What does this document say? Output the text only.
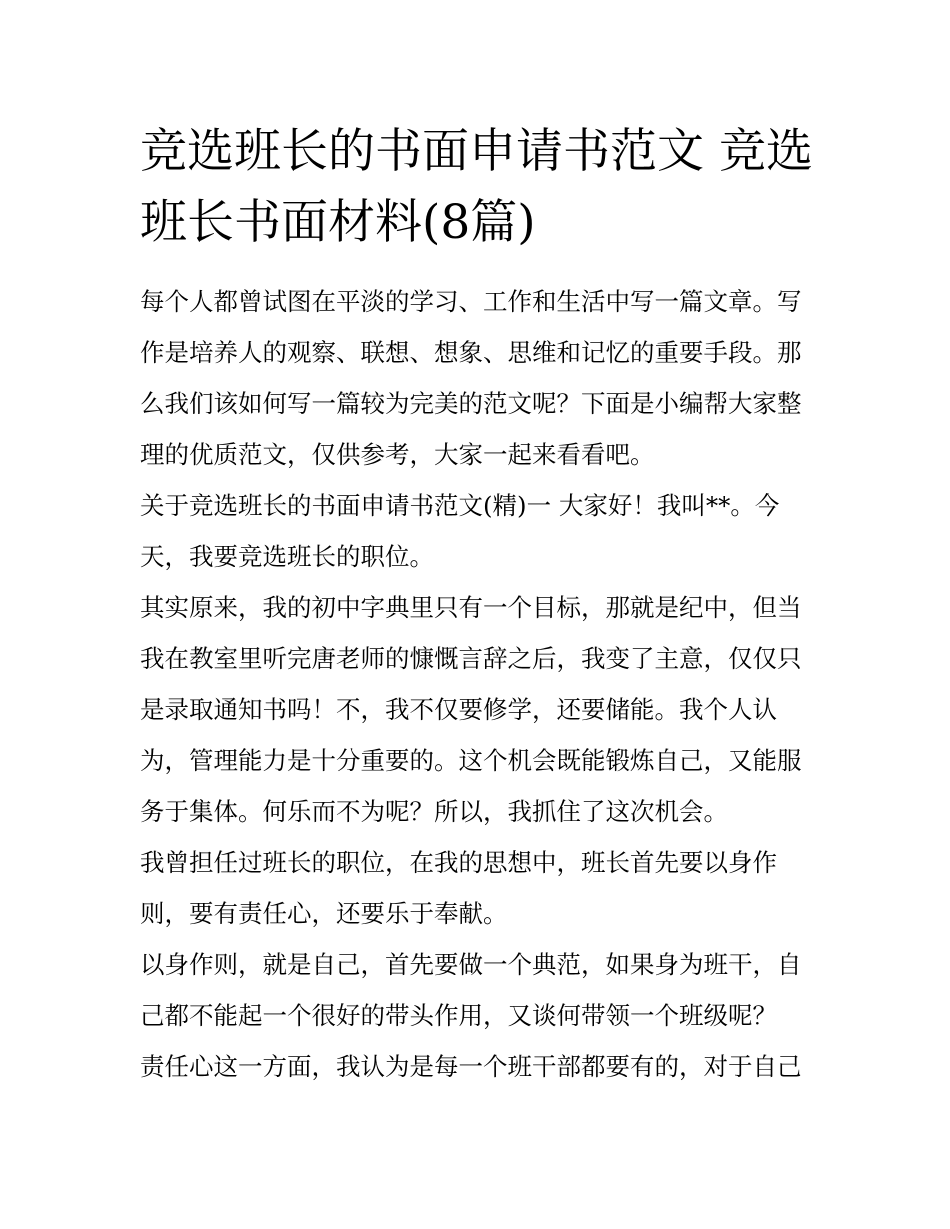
竞选班长的书面申请书范文 竞选班长书面材料(8篇)

每个人都曾试图在平淡的学习、工作和生活中写一篇文章。写作是培养人的观察、联想、想象、思维和记忆的重要手段。那么我们该如何写一篇较为完美的范文呢？下面是小编帮大家整理的优质范文，仅供参考，大家一起来看看吧。

关于竞选班长的书面申请书范文(精)一 大家好！我叫**。今天，我要竞选班长的职位。

其实原来，我的初中字典里只有一个目标，那就是纪中，但当我在教室里听完唐老师的慷慨言辞之后，我变了主意，仅仅只是录取通知书吗！不，我不仅要修学，还要储能。我个人认为，管理能力是十分重要的。这个机会既能锻炼自己，又能服务于集体。何乐而不为呢？所以，我抓住了这次机会。

我曾担任过班长的职位，在我的思想中，班长首先要以身作则，要有责任心，还要乐于奉献。

以身作则，就是自己，首先要做一个典范，如果身为班干，自己都不能起一个很好的带头作用，又谈何带领一个班级呢？

责任心这一方面，我认为是每一个班干部都要有的，对于自己
